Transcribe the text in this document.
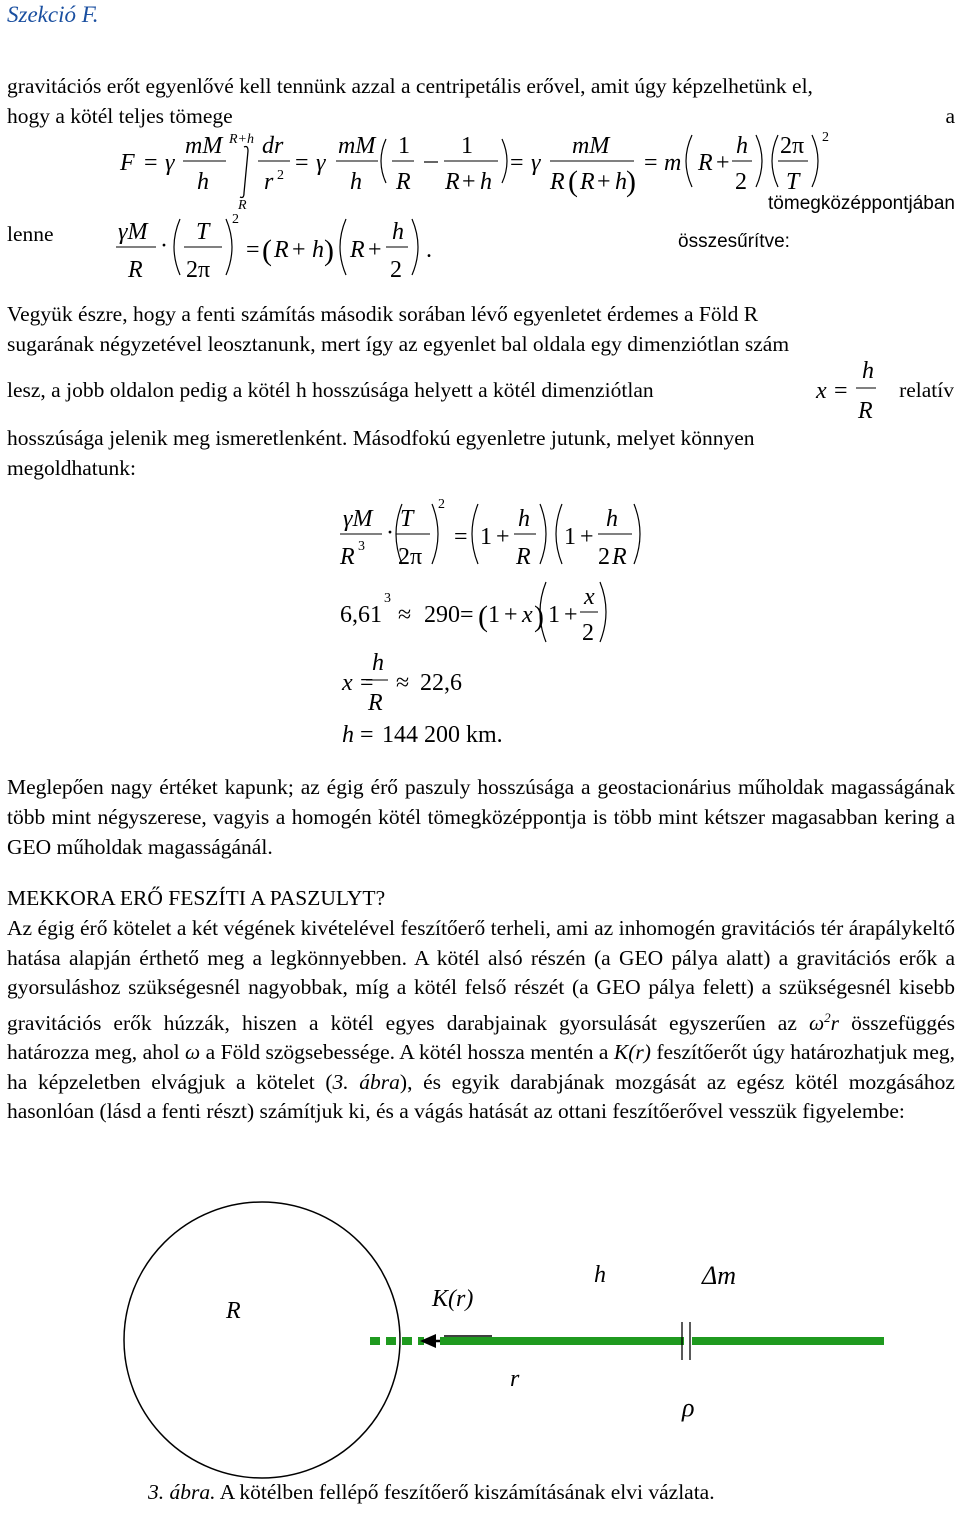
Szekció F.
gravitációs erőt egyenlővé kell tennünk azzal a centripetális erővel, amit úgy képzelhetünk el,
hogy a kötél teljes tömege	a
F = γ
mM
h
R+h
R
dr
r 2 = γ
mM
h
1
R
1
R + h
= γ
mM
R ( R + h )
= m R +
h
2
2π
T
2
tömegközéppontjában
lenne	γM
R
·
T
2π
2
= ( R + h ) R +
h
2
.	összesűrítve:
Vegyük észre, hogy a fenti számítás második sorában lévő egyenletet érdemes a Föld R
sugarának négyzetével leosztanunk, mert így az egyenlet bal oldala egy dimenziótlan szám
lesz, a jobb oldalon pedig a kötél h hosszúsága helyett a kötél dimenziótlan	x =
h
R
relatív
hosszúsága jelenik meg ismeretlenként. Másodfokú egyenletre jutunk, melyet könnyen
megoldhatunk:
γM
R 3
·
T
2π
2
= 1 +
h
R
1 +
h
2 R
6,61
3
≈ 290 = ( 1 + x ) 1 +
x
2
x =
h
R
≈ 22,6
h = 144 200 km.
Meglepően nagy értéket kapunk; az égig érő paszuly hosszúsága a geostacionárius műholdak magasságának több mint négyszerese, vagyis a homogén kötél tömegközéppontja is több mint kétszer magasabban kering a GEO műholdak magasságánál.
MEKKORA ERŐ FESZÍTI A PASZULYT?
Az égig érő kötelet a két végének kivételével feszítőerő terheli, ami az inhomogén gravitációs tér árapálykeltő hatása alapján érthető meg a legkönnyebben. A kötél alsó részén (a GEO pálya alatt) a gravitációs erők a gyorsuláshoz szükségesnél nagyobbak, míg a kötél felső részét (a GEO pálya felett) a szükségesnél kisebb gravitációs erők húzzák, hiszen a kötél egyes darabjainak gyorsulását egyszerűen az $\omega^2r$ összefüggés határozza meg, ahol ω a Föld szögsebessége. A kötél hossza mentén a K(r) feszítőerőt úgy határozhatjuk meg, ha képzeletben elvágjuk a kötelet (3. ábra), és egyik darabjának mozgását az egész kötél mozgásához hasonlóan (lásd a fenti részt) számítjuk ki, és a vágás hatását az ottani feszítőerővel vesszük figyelembe:
R	K(r)
r
h	Δm
ρ
3. ábra. A kötélben fellépő feszítőerő kiszámításának elvi vázlata.
